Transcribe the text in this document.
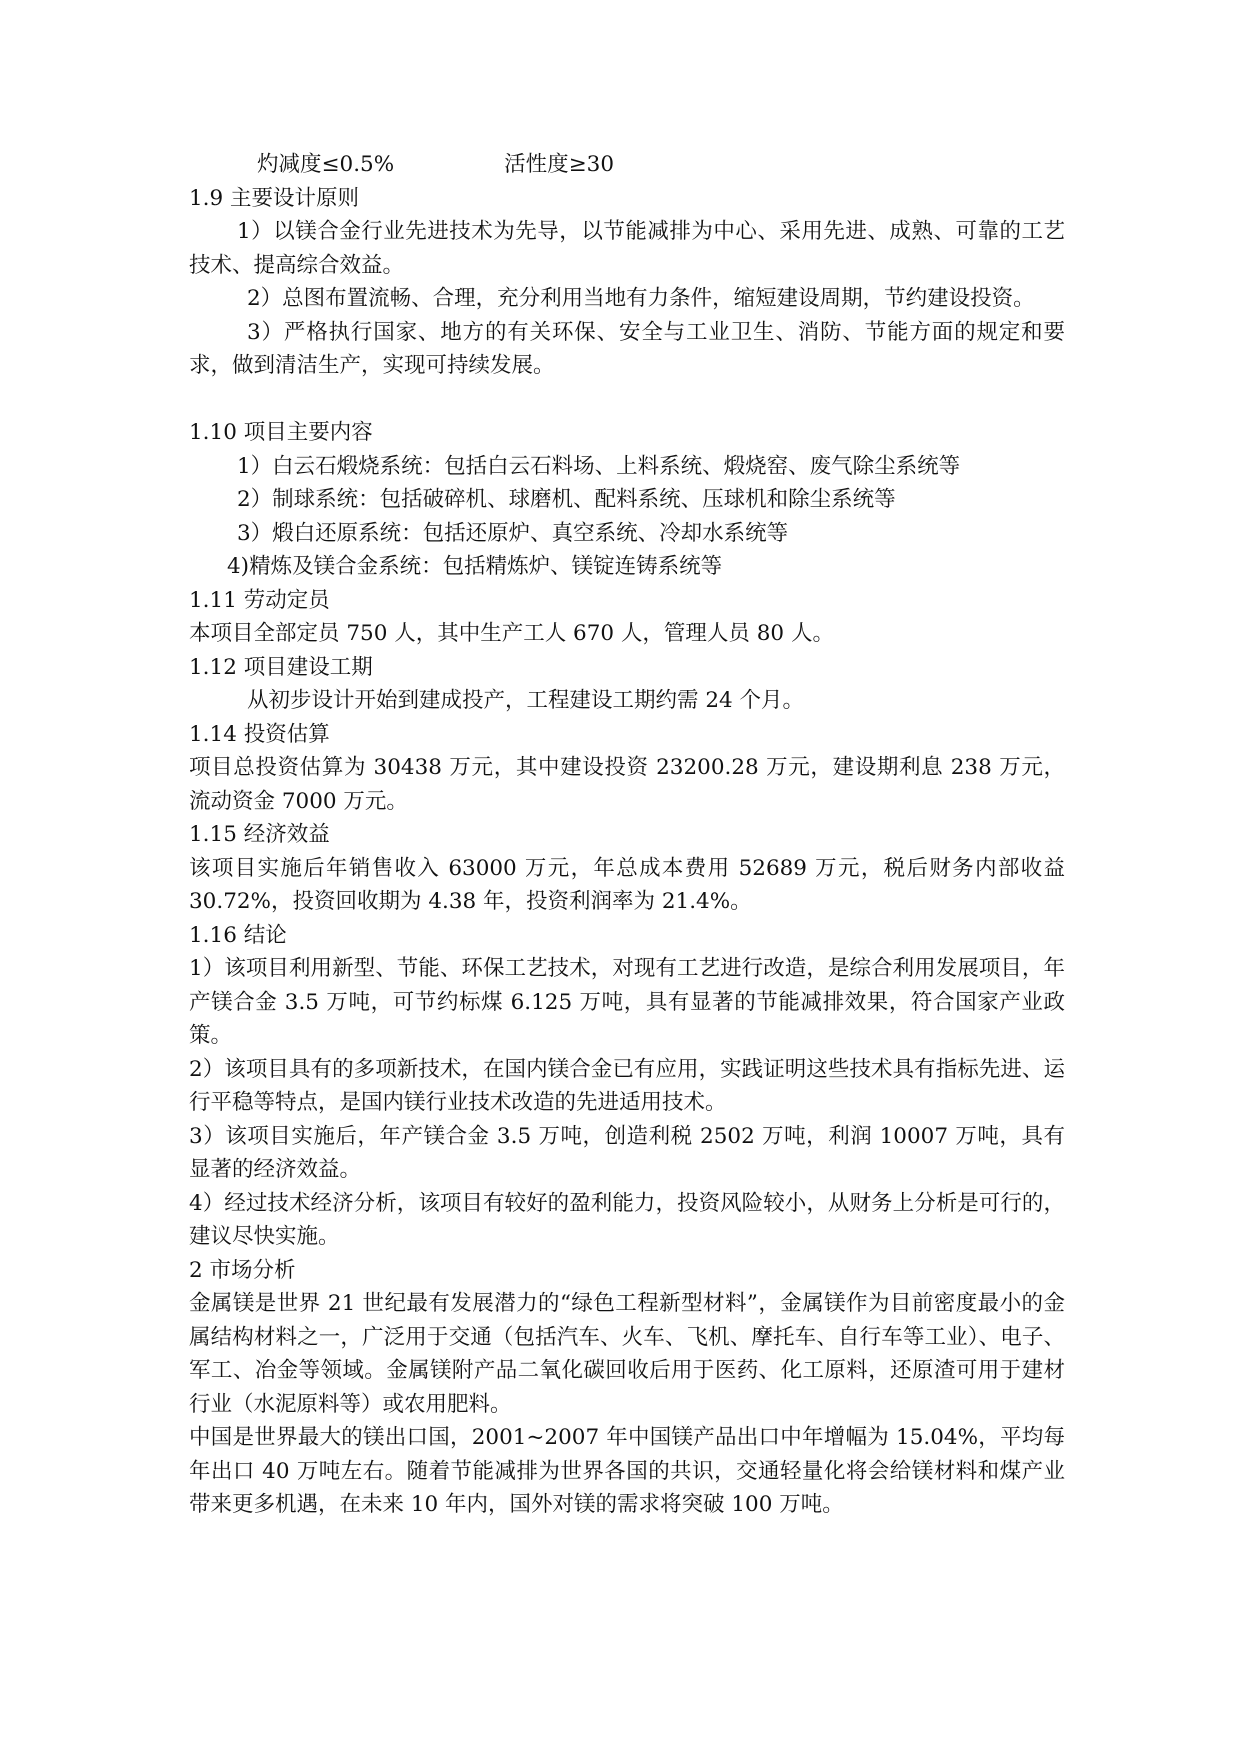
灼减度≤0.5%	活性度≥30
1.9 主要设计原则

1）以镁合金行业先进技术为先导，以节能减排为中心、采用先进、成熟、可靠的工艺技术、提高综合效益。

2）总图布置流畅、合理，充分利用当地有力条件，缩短建设周期，节约建设投资。

3）严格执行国家、地方的有关环保、安全与工业卫生、消防、节能方面的规定和要求，做到清洁生产，实现可持续发展。

1.10 项目主要内容

1）白云石煅烧系统：包括白云石料场、上料系统、煅烧窑、废气除尘系统等

2）制球系统：包括破碎机、球磨机、配料系统、压球机和除尘系统等

3）煅白还原系统：包括还原炉、真空系统、冷却水系统等

4)精炼及镁合金系统：包括精炼炉、镁锭连铸系统等

1.11 劳动定员

本项目全部定员 750 人，其中生产工人 670 人，管理人员 80 人。

1.12 项目建设工期

从初步设计开始到建成投产，工程建设工期约需 24 个月。

1.14 投资估算

项目总投资估算为 30438 万元，其中建设投资 23200.28 万元，建设期利息 238 万元，流动资金 7000 万元。

1.15 经济效益

该项目实施后年销售收入 63000 万元，年总成本费用 52689 万元，税后财务内部收益 30.72%，投资回收期为 4.38 年，投资利润率为 21.4%。

1.16 结论

1）该项目利用新型、节能、环保工艺技术，对现有工艺进行改造，是综合利用发展项目，年产镁合金 3.5 万吨，可节约标煤 6.125 万吨，具有显著的节能减排效果，符合国家产业政策。

2）该项目具有的多项新技术，在国内镁合金已有应用，实践证明这些技术具有指标先进、运行平稳等特点，是国内镁行业技术改造的先进适用技术。

3）该项目实施后，年产镁合金 3.5 万吨，创造利税 2502 万吨，利润 10007 万吨，具有显著的经济效益。

4）经过技术经济分析，该项目有较好的盈利能力，投资风险较小，从财务上分析是可行的，建议尽快实施。

2 市场分析

金属镁是世界 21 世纪最有发展潜力的“绿色工程新型材料”，金属镁作为目前密度最小的金属结构材料之一，广泛用于交通（包括汽车、火车、飞机、摩托车、自行车等工业）、电子、军工、冶金等领域。金属镁附产品二氧化碳回收后用于医药、化工原料，还原渣可用于建材行业（水泥原料等）或农用肥料。

中国是世界最大的镁出口国，2001~2007 年中国镁产品出口中年增幅为 15.04%，平均每年出口 40 万吨左右。随着节能减排为世界各国的共识，交通轻量化将会给镁材料和煤产业带来更多机遇，在未来 10 年内，国外对镁的需求将突破 100 万吨。
